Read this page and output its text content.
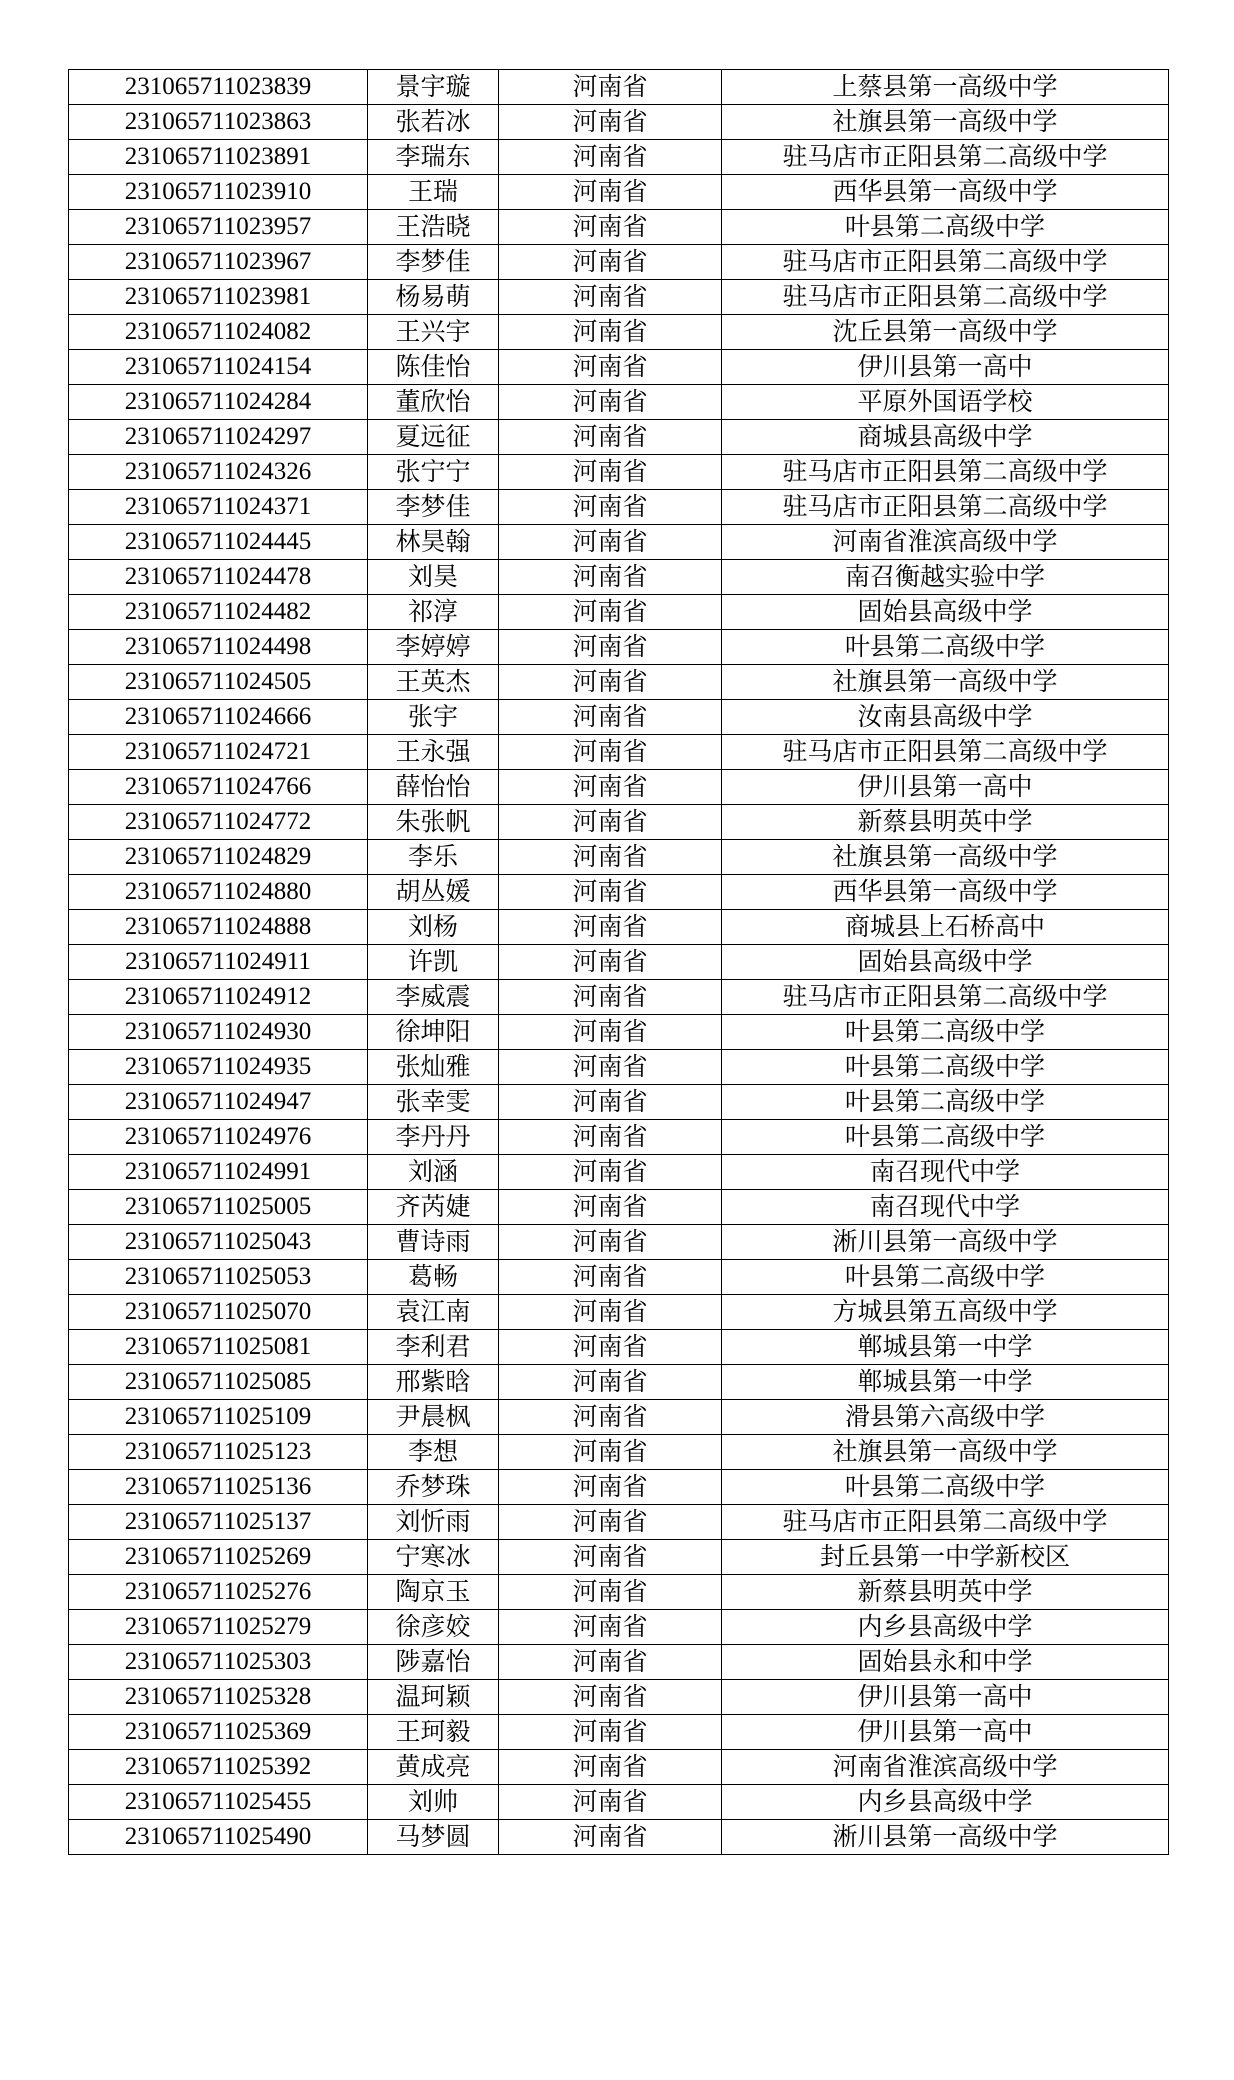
231065711023839	景宇璇	河南省	上蔡县第一高级中学
231065711023863	张若冰	河南省	社旗县第一高级中学
231065711023891	李瑞东	河南省	驻马店市正阳县第二高级中学
231065711023910	王瑞	河南省	西华县第一高级中学
231065711023957	王浩晓	河南省	叶县第二高级中学
231065711023967	李梦佳	河南省	驻马店市正阳县第二高级中学
231065711023981	杨易萌	河南省	驻马店市正阳县第二高级中学
231065711024082	王兴宇	河南省	沈丘县第一高级中学
231065711024154	陈佳怡	河南省	伊川县第一高中
231065711024284	董欣怡	河南省	平原外国语学校
231065711024297	夏远征	河南省	商城县高级中学
231065711024326	张宁宁	河南省	驻马店市正阳县第二高级中学
231065711024371	李梦佳	河南省	驻马店市正阳县第二高级中学
231065711024445	林昊翰	河南省	河南省淮滨高级中学
231065711024478	刘昊	河南省	南召衡越实验中学
231065711024482	祁淳	河南省	固始县高级中学
231065711024498	李婷婷	河南省	叶县第二高级中学
231065711024505	王英杰	河南省	社旗县第一高级中学
231065711024666	张宇	河南省	汝南县高级中学
231065711024721	王永强	河南省	驻马店市正阳县第二高级中学
231065711024766	薛怡怡	河南省	伊川县第一高中
231065711024772	朱张帆	河南省	新蔡县明英中学
231065711024829	李乐	河南省	社旗县第一高级中学
231065711024880	胡丛媛	河南省	西华县第一高级中学
231065711024888	刘杨	河南省	商城县上石桥高中
231065711024911	许凯	河南省	固始县高级中学
231065711024912	李威震	河南省	驻马店市正阳县第二高级中学
231065711024930	徐坤阳	河南省	叶县第二高级中学
231065711024935	张灿雅	河南省	叶县第二高级中学
231065711024947	张幸雯	河南省	叶县第二高级中学
231065711024976	李丹丹	河南省	叶县第二高级中学
231065711024991	刘涵	河南省	南召现代中学
231065711025005	齐芮婕	河南省	南召现代中学
231065711025043	曹诗雨	河南省	淅川县第一高级中学
231065711025053	葛畅	河南省	叶县第二高级中学
231065711025070	袁江南	河南省	方城县第五高级中学
231065711025081	李利君	河南省	郸城县第一中学
231065711025085	邢紫晗	河南省	郸城县第一中学
231065711025109	尹晨枫	河南省	滑县第六高级中学
231065711025123	李想	河南省	社旗县第一高级中学
231065711025136	乔梦珠	河南省	叶县第二高级中学
231065711025137	刘忻雨	河南省	驻马店市正阳县第二高级中学
231065711025269	宁寒冰	河南省	封丘县第一中学新校区
231065711025276	陶京玉	河南省	新蔡县明英中学
231065711025279	徐彦姣	河南省	内乡县高级中学
231065711025303	陟嘉怡	河南省	固始县永和中学
231065711025328	温珂颖	河南省	伊川县第一高中
231065711025369	王珂毅	河南省	伊川县第一高中
231065711025392	黄成亮	河南省	河南省淮滨高级中学
231065711025455	刘帅	河南省	内乡县高级中学
231065711025490	马梦圆	河南省	淅川县第一高级中学
